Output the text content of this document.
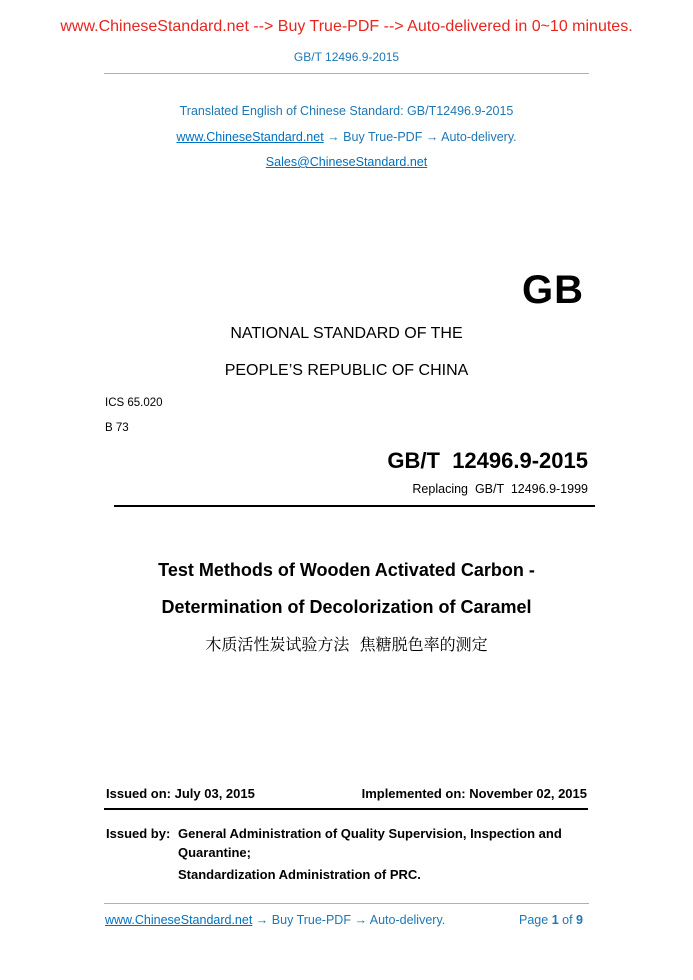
www.ChineseStandard.net --> Buy True-PDF --> Auto-delivered in 0~10 minutes.
GB/T 12496.9-2015
Translated English of Chinese Standard: GB/T12496.9-2015
www.ChineseStandard.net → Buy True-PDF → Auto-delivery.
Sales@ChineseStandard.net
GB
NATIONAL STANDARD OF THE
PEOPLE’S REPUBLIC OF CHINA
ICS 65.020
B 73
GB/T  12496.9-2015
Replacing  GB/T  12496.9-1999
Test Methods of Wooden Activated Carbon -
Determination of Decolorization of Caramel
木质活性炭试验方法  焦糖脱色率的测定
Issued on: July 03, 2015	Implemented on: November 02, 2015
Issued by: General Administration of Quality Supervision, Inspection and
Quarantine;
Standardization Administration of PRC.
www.ChineseStandard.net → Buy True-PDF → Auto-delivery.	Page 1 of 9
